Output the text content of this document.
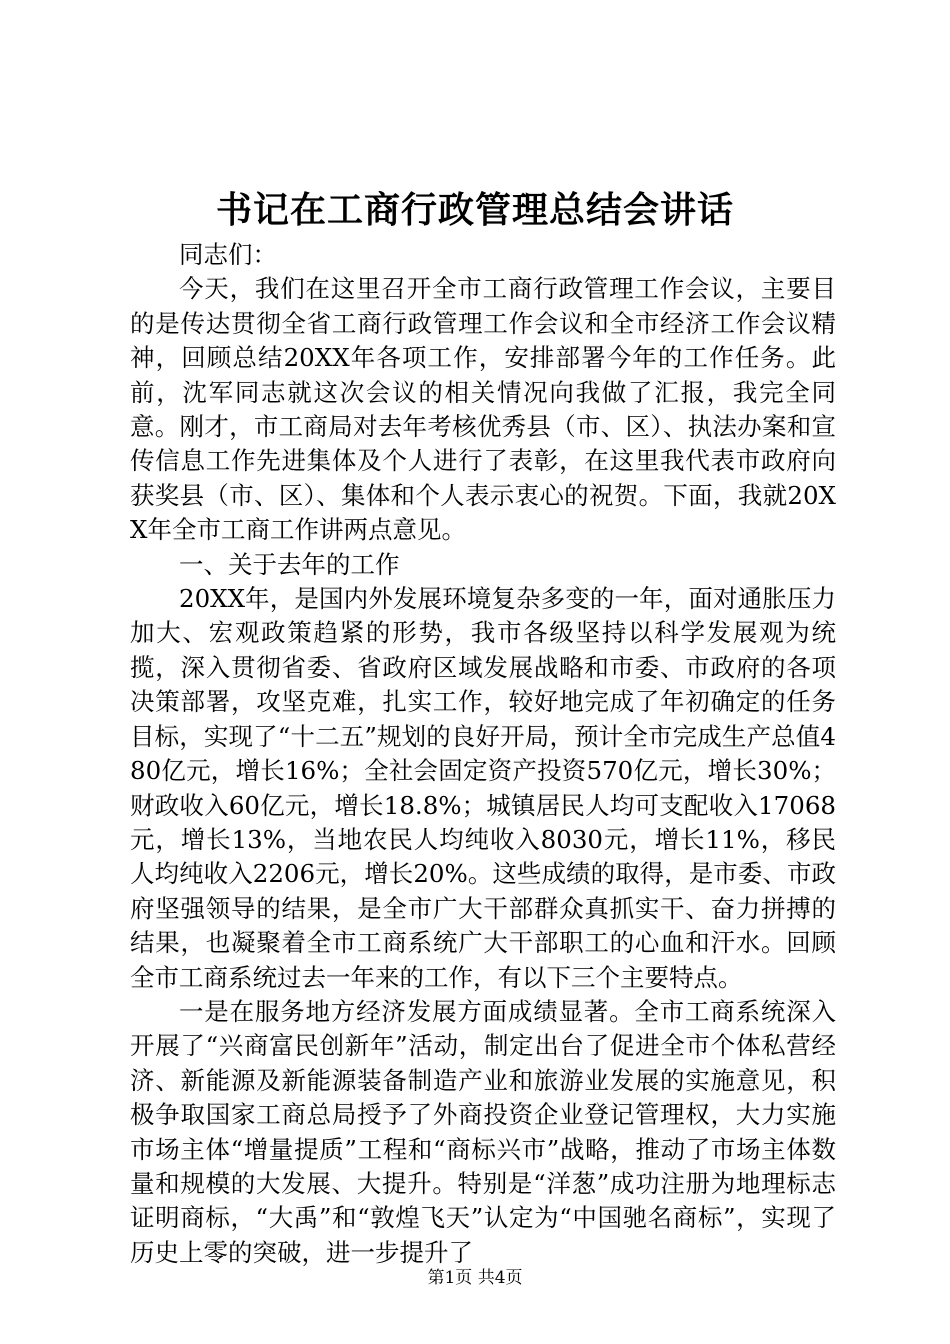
书记在工商行政管理总结会讲话

同志们：

今天，我们在这里召开全市工商行政管理工作会议，主要目的是传达贯彻全省工商行政管理工作会议和全市经济工作会议精神，回顾总结20XX年各项工作，安排部署今年的工作任务。此前，沈军同志就这次会议的相关情况向我做了汇报，我完全同意。刚才，市工商局对去年考核优秀县（市、区）、执法办案和宣传信息工作先进集体及个人进行了表彰，在这里我代表市政府向获奖县（市、区）、集体和个人表示衷心的祝贺。下面，我就20XX年全市工商工作讲两点意见。

一、关于去年的工作

20XX年，是国内外发展环境复杂多变的一年，面对通胀压力加大、宏观政策趋紧的形势，我市各级坚持以科学发展观为统揽，深入贯彻省委、省政府区域发展战略和市委、市政府的各项决策部署，攻坚克难，扎实工作，较好地完成了年初确定的任务目标，实现了“十二五”规划的良好开局，预计全市完成生产总值480亿元，增长16%；全社会固定资产投资570亿元，增长30%；财政收入60亿元，增长18.8%；城镇居民人均可支配收入17068元，增长13%，当地农民人均纯收入8030元，增长11%，移民人均纯收入2206元，增长20%。这些成绩的取得，是市委、市政府坚强领导的结果，是全市广大干部群众真抓实干、奋力拼搏的结果，也凝聚着全市工商系统广大干部职工的心血和汗水。回顾全市工商系统过去一年来的工作，有以下三个主要特点。

一是在服务地方经济发展方面成绩显著。全市工商系统深入开展了“兴商富民创新年”活动，制定出台了促进全市个体私营经济、新能源及新能源装备制造产业和旅游业发展的实施意见，积极争取国家工商总局授予了外商投资企业登记管理权，大力实施市场主体“增量提质”工程和“商标兴市”战略，推动了市场主体数量和规模的大发展、大提升。特别是“洋葱”成功注册为地理标志证明商标，“大禹”和“敦煌飞天”认定为“中国驰名商标”，实现了历史上零的突破，进一步提升了

第1页 共4页
